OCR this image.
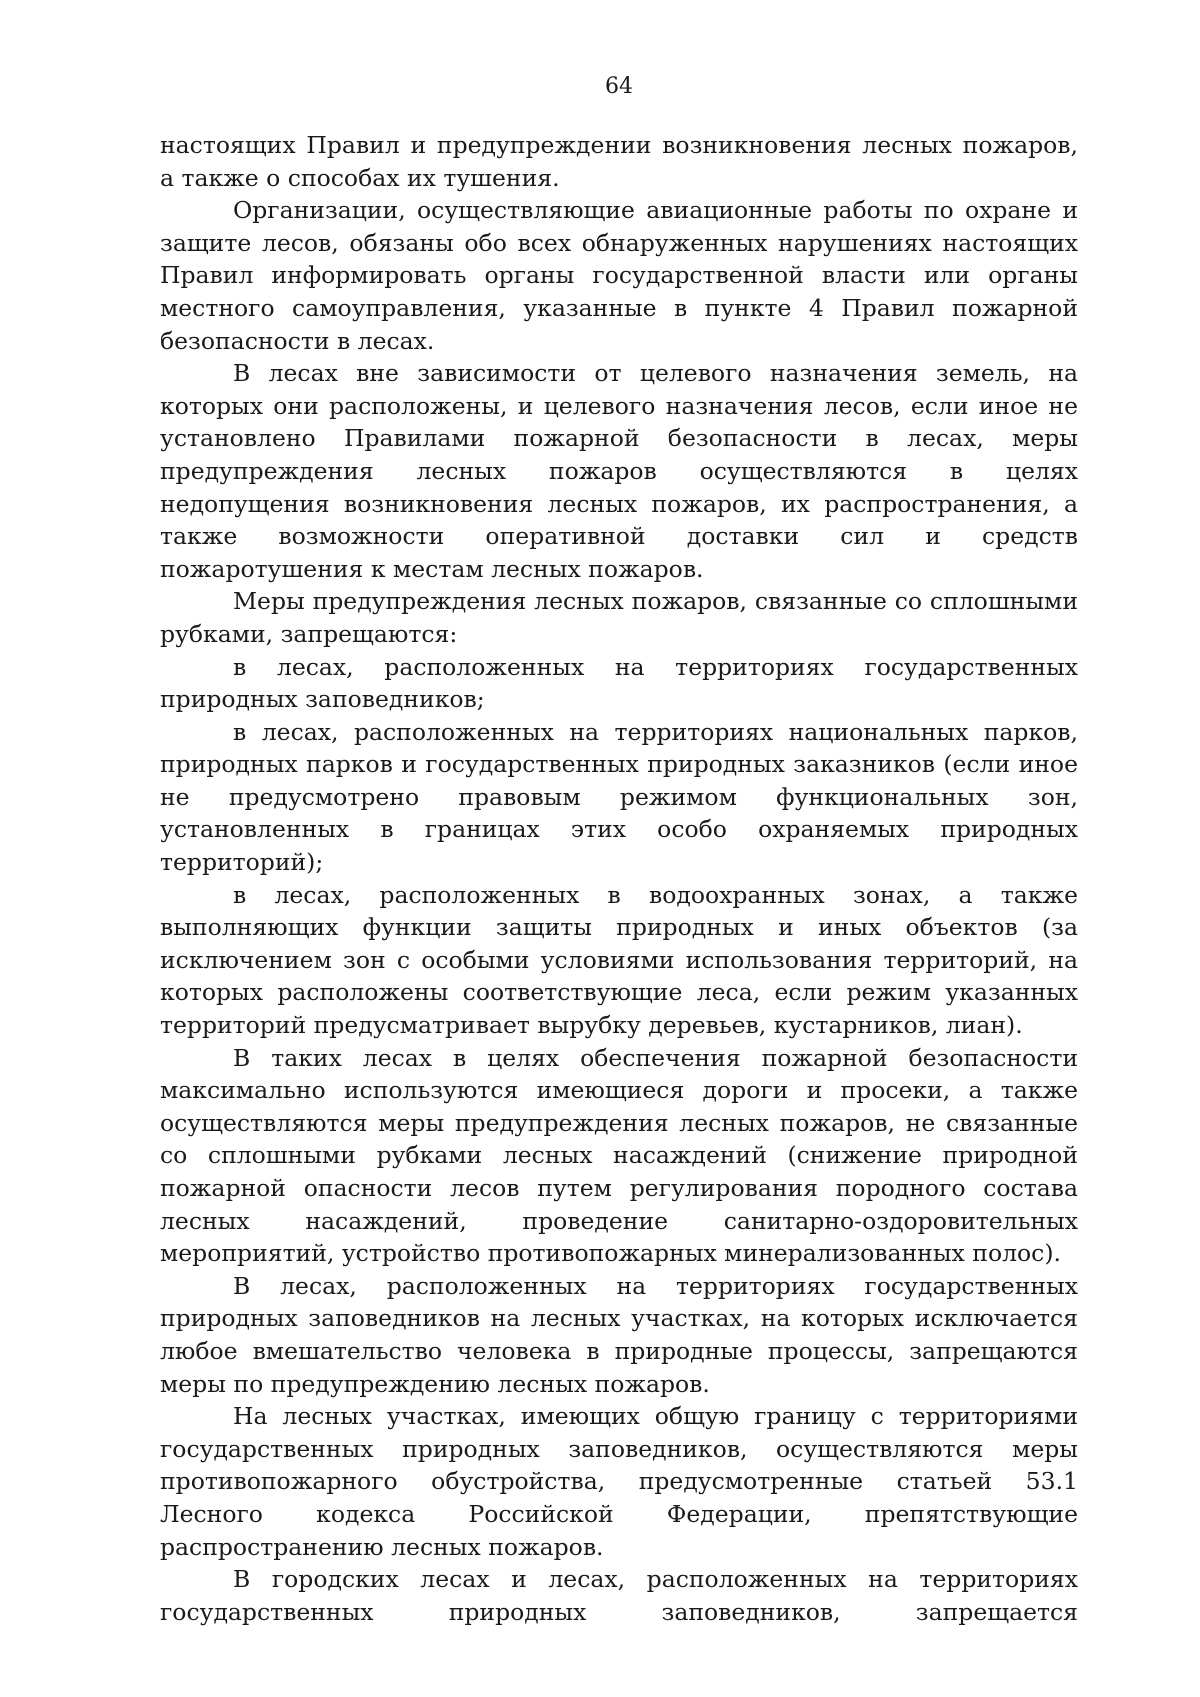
64

настоящих Правил и предупреждении возникновения лесных пожаров, а также о способах их тушения.

Организации, осуществляющие авиационные работы по охране и защите лесов, обязаны обо всех обнаруженных нарушениях настоящих Правил информировать органы государственной власти или органы местного самоуправления, указанные в пункте 4 Правил пожарной безопасности в лесах.

В лесах вне зависимости от целевого назначения земель, на которых они расположены, и целевого назначения лесов, если иное не установлено Правилами пожарной безопасности в лесах, меры предупреждения лесных пожаров осуществляются в целях недопущения возникновения лесных пожаров, их распространения, а также возможности оперативной доставки сил и средств пожаротушения к местам лесных пожаров.

Меры предупреждения лесных пожаров, связанные со сплошными рубками, запрещаются:

в лесах, расположенных на территориях государственных природных заповедников;

в лесах, расположенных на территориях национальных парков, природных парков и государственных природных заказников (если иное не предусмотрено правовым режимом функциональных зон, установленных в границах этих особо охраняемых природных территорий);

в лесах, расположенных в водоохранных зонах, а также выполняющих функции защиты природных и иных объектов (за исключением зон с особыми условиями использования территорий, на которых расположены соответствующие леса, если режим указанных территорий предусматривает вырубку деревьев, кустарников, лиан).

В таких лесах в целях обеспечения пожарной безопасности максимально используются имеющиеся дороги и просеки, а также осуществляются меры предупреждения лесных пожаров, не связанные со сплошными рубками лесных насаждений (снижение природной пожарной опасности лесов путем регулирования породного состава лесных насаждений, проведение санитарно-оздоровительных мероприятий, устройство противопожарных минерализованных полос).

В лесах, расположенных на территориях государственных природных заповедников на лесных участках, на которых исключается любое вмешательство человека в природные процессы, запрещаются меры по предупреждению лесных пожаров.

На лесных участках, имеющих общую границу с территориями государственных природных заповедников, осуществляются меры противопожарного обустройства, предусмотренные статьей 53.1 Лесного кодекса Российской Федерации, препятствующие распространению лесных пожаров.

В городских лесах и лесах, расположенных на территориях государственных природных заповедников, запрещается
